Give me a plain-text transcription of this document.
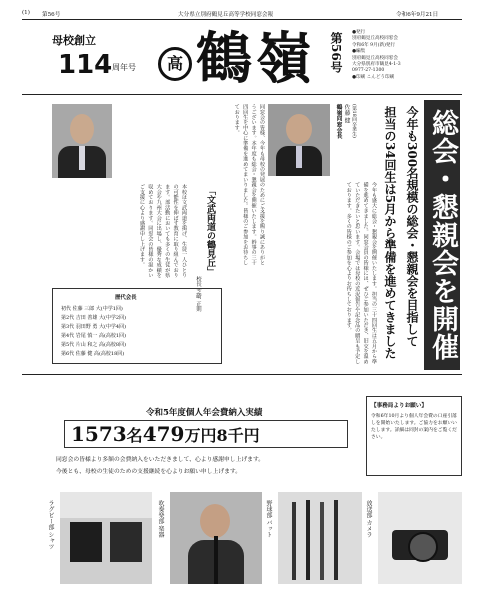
(1) 第56号	大分県立別府鶴見丘高等学校同窓会報	令和6年9月21日
母校創立
114 周年号	高 鶴嶺 第56号	●発行
別府鶴見丘高校同窓会
令和6年 9月(新)発行
●編集
別府鶴見丘高校同窓会
大分県別府市鶴見4-1-3
0977-27-1300
●印刷 こんどう印刷
総会・懇親会を開催
今年も300名規模の総会・懇親会を目指して
担当の34回生は5月から準備を進めてきました
今年も盛大に総会・懇親会を開催いたします。担当の三十四回生は五月から準備を進めてきました。同窓会員の皆様には、ぜひご参加いただき、旧交を温めていただきたいと思います。会場では母校の近況報告や記念品の贈呈も予定しております。多くの皆様のご参加を心よりお待ちしております。
鶴嶺同窓会長 佐藤 健 (第18回卒業生)
同窓会の皆様、今年も母校の発展のためにご支援を賜り誠にありがとうございます。本年度も総会・懇親会を開催いたします。幹事の三十四回生を中心に準備を進めてまいりました。皆様のご参加をお待ちしております。
「文武両道の鶴見丘」
校長 芝崎 正則
本校は文武両道を掲げ、生徒一人ひとりの可能性を伸ばす教育に取り組んでおります。部活動においても多くの生徒が県大会や九州大会に出場し、優秀な成績を収めております。同窓会の皆様の温かいご支援に心より感謝申し上げます。
歴代会長
初代 佐藤 三郎 大(中学1回)
第2代 吉田 善雄 大(中学2回)
第3代 羽田野 勇 大(中学4回)
第4代 岩尾 慎一 高(高校1回)
第5代 片山 和之 高(高校8回)
第6代 佐藤 健 高(高校18回)
令和5年度個人年会費納入実績
1573名479万円8千円
同窓会の皆様より多額の会費納入をいただきまして、心より感謝申し上げます。
今後とも、母校の生徒のための支援継続を心よりお願い申し上げます。
【事務局よりお願い】
令和6年10月より個人年会費の口座引落しを開始いたします。ご協力をお願いいたします。詳細は同封の案内をご覧ください。
ラグビー部 シャツ	吹奏楽部 楽器	野球部 バット	放送部 カメラ
